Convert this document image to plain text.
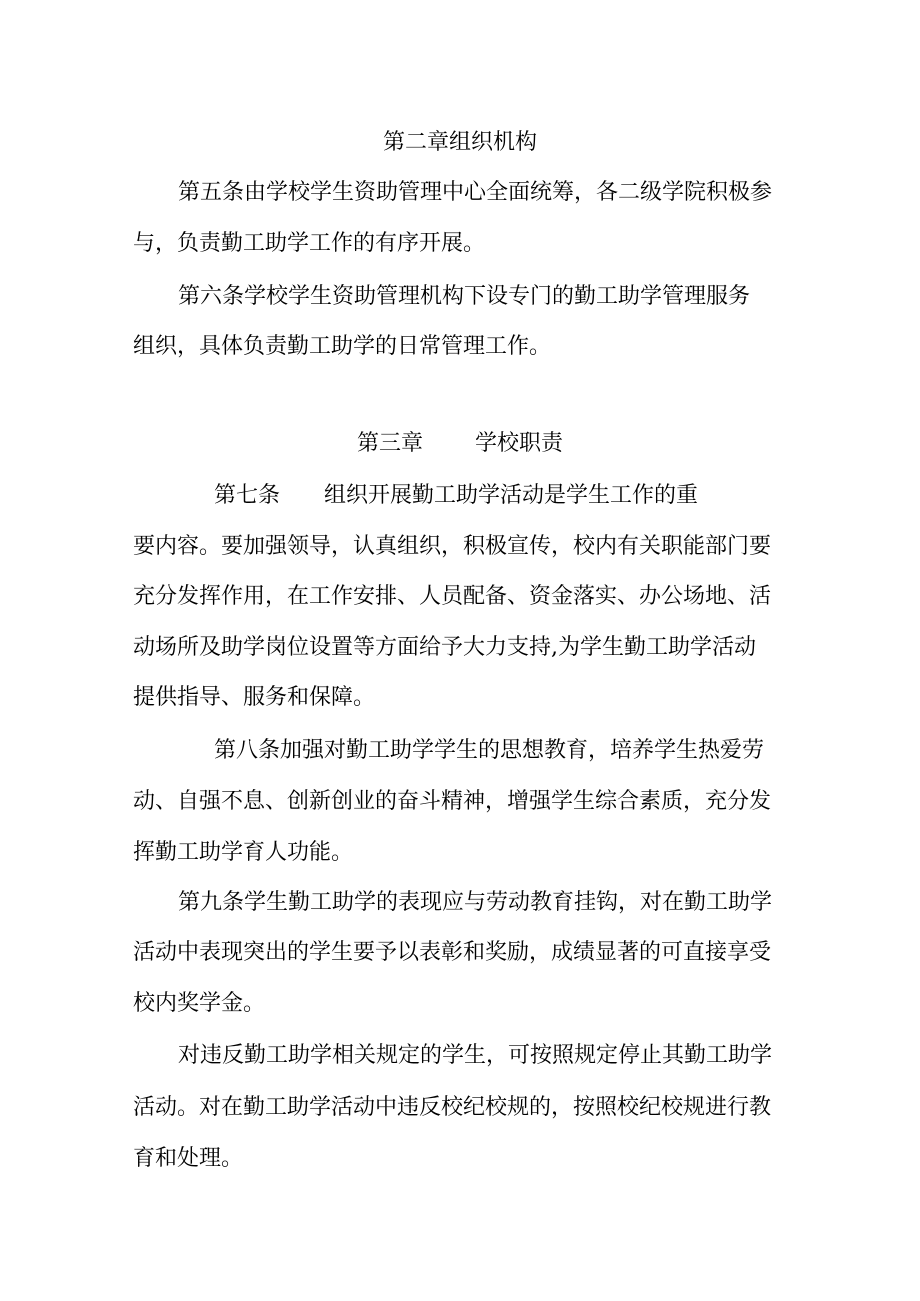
第二章组织机构

第五条由学校学生资助管理中心全面统筹，各二级学院积极参

与，负责勤工助学工作的有序开展。

第六条学校学生资助管理机构下设专门的勤工助学管理服务

组织，具体负责勤工助学的日常管理工作。

第三章 学校职责

第七条 组织开展勤工助学活动是学生工作的重

要内容。要加强领导，认真组织，积极宣传，校内有关职能部门要

充分发挥作用，在工作安排、人员配备、资金落实、办公场地、活

动场所及助学岗位设置等方面给予大力支持,为学生勤工助学活动

提供指导、服务和保障。

第八条加强对勤工助学学生的思想教育，培养学生热爱劳

动、自强不息、创新创业的奋斗精神，增强学生综合素质，充分发

挥勤工助学育人功能。

第九条学生勤工助学的表现应与劳动教育挂钩，对在勤工助学

活动中表现突出的学生要予以表彰和奖励，成绩显著的可直接享受

校内奖学金。

对违反勤工助学相关规定的学生，可按照规定停止其勤工助学

活动。对在勤工助学活动中违反校纪校规的，按照校纪校规进行教

育和处理。
